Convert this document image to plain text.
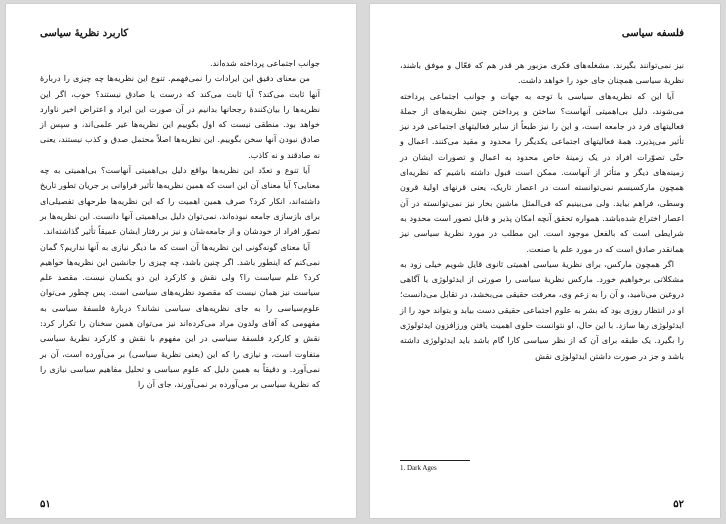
کاربرد نظریهٔ سیاسی

جوانب اجتماعی پرداخته شده‌اند.

من معنای دقیق این ایرادات را نمی‌فهمم. تنوع این نظریه‌ها چه چیزی را دربارهٔ آنها ثابت می‌کند؟ آیا ثابت می‌کند که درست یا صادق نیستند؟ خوب، اگر این نظریه‌ها را بیان‌کنندهٔ رجحانها بدانیم در آن صورت این ایراد و اعتراض اخیر ناوارد خواهد بود. منطقی نیست که اول بگوییم این نظریه‌ها غیر علمی‌اند، و سپس از صادق نبودن آنها سخن بگوییم. این نظریه‌ها اصلاً محتمل صدق و کذب نیستند، یعنی نه صادقند و نه کاذب.

آیا تنوع و تعدّد این نظریه‌ها بواقع دلیل بی‌اهمیتی آنهاست؟ بی‌اهمیتی به چه معنایی؟ آیا معنای آن این است که همین نظریه‌ها تأثیر فراوانی بر جریان تطور تاریخ داشته‌اند، انکار کرد؟ صرف همین اهمیت را که این نظریه‌ها طرحهای تفصیلی‌ای برای بازسازی جامعه نبوده‌اند، نمی‌توان دلیل بی‌اهمیتی آنها دانست. این نظریه‌ها بر تصوّر افراد از خودشان و از جامعه‌شان و نیز بر رفتار ایشان عمیقاً تأثیر گذاشته‌اند.

آیا معنای گونه‌گونی این نظریه‌ها آن است که ما دیگر نیازی به آنها نداریم؟ گمان نمی‌کنم که اینطور باشد. اگر چنین باشد، چه چیزی را جانشین این نظریه‌ها خواهیم کرد؟ علم سیاست را؟ ولی نقش و کارکرد این دو یکسان نیست. مقصد علم سیاست نیز همان نیست که مقصود نظریه‌های سیاسی است. پس چطور می‌توان علوم‌سیاسی را به جای نظریه‌های سیاسی نشاند؟ دربارهٔ فلسفهٔ سیاسی به مفهومی که آقای ولدون مراد می‌کرده‌اند نیز می‌توان همین سخنان را تکرار کرد: نقش و کارکرد فلسفهٔ سیاسی در این مفهوم با نقش و کارکرد نظریهٔ سیاسی متفاوت است، و نیازی را که این (یعنی نظریهٔ سیاسی) بر می‌آورده است، آن بر نمی‌آورد. و دقیقاً به همین دلیل که علوم سیاسی و تحلیل مفاهیم سیاسی نیازی را که نظریهٔ سیاسی بر می‌آورده بر نمی‌آورند، جای آن را

۵۱
فلسفه سیاسی

نیز نمی‌توانند بگیرند. مشغله‌های فکری مزبور هر قدر هم که فعّال و موفق باشند، نظریهٔ سیاسی همچنان جای خود را خواهد داشت.

آیا این که نظریه‌های سیاسی با توجه به جهات و جوانب اجتماعی پرداخته می‌شوند، دلیل بی‌اهمیتی آنهاست؟ ساختن و پرداختن چنین نظریه‌های از جملهٔ فعالیتهای فرد در جامعه است، و این را نیز طبعاً از سایر فعالیتهای اجتماعی فرد نیز تأثیر می‌پذیرد. همهٔ فعالیتهای اجتماعی یکدیگر را محدود و مقید می‌کنند. اعمال و حتّی تصوّرات افراد در یک زمینهٔ خاص محدود به اعمال و تصورات ایشان در زمینه‌های دیگر و متأثر از آنهاست. ممکن است قبول داشته باشیم که نظریه‌ای همچون مارکسیسم نمی‌توانسته است در اعصار تاریک، یعنی قرنهای اولیهٔ قرون وسطی، فراهم بیاید. ولی می‌بینیم که فی‌المثل ماشین بخار نیز نمی‌توانسته در آن اعصار اختراع شده‌باشد. همواره تحقق آنچه امکان پذیر و قابل تصور است محدود به شرایطی است که بالفعل موجود است. این مطلب در مورد نظریهٔ سیاسی نیز همانقدر صادق است که در مورد علم یا صنعت.

اگر همچون مارکس، برای نظریهٔ سیاسی اهمیتی ثانوی قایل شویم خیلی زود به مشکلاتی برخواهیم خورد. مارکس نظریهٔ سیاسی را صورتی از ایدئولوژی یا آگاهی دروغین می‌نامید، و آن را به زعم وی، معرفت حقیقی می‌بخشد، در تقابل می‌دانست؛ او در انتظار روزی بود که بشر به علوم اجتماعی حقیقی دست بیابد و بتواند خود را از ایدئولوژی رها سازد. با این حال، او نتوانست حلوی اهمیت یافتن ورزافزون ایدئولوژی را بگیرد. یک طبقه برای آن که از نظر سیاسی کارا گام باشد باید ایدئولوژی داشته باشد و جز در صورت داشتن ایدئولوژی نقش

1. Dark Ages
۵۲
